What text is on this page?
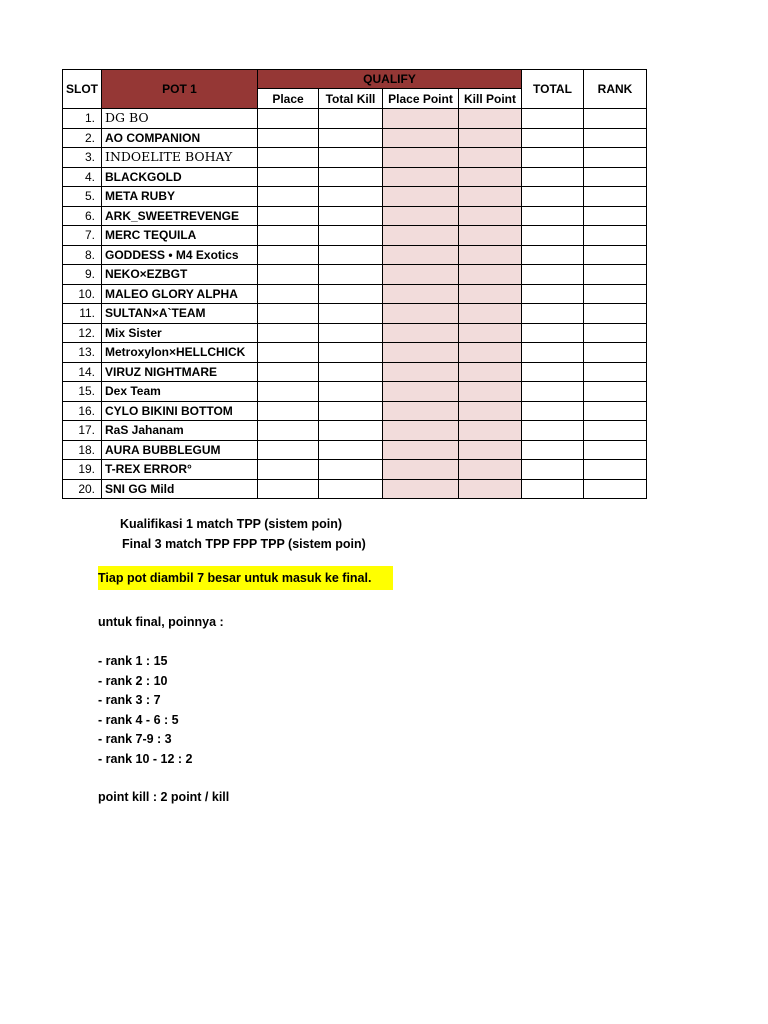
SLOT	POT 1	QUALIFY				TOTAL	RANK
		Place	Total Kill	Place Point	Kill Point		
1.	DG BO						
2.	AO COMPANION						
3.	INDOELITE BOHAY						
4.	BLACKGOLD						
5.	META RUBY						
6.	ARK_SWEETREVENGE						
7.	MERC TEQUILA						
8.	GODDESS • M4 Exotics						
9.	NEKO×EZBGT						
10.	MALEO GLORY ALPHA						
11.	SULTAN×A`TEAM						
12.	Mix Sister						
13.	Metroxylon×HELLCHICK						
14.	VIRUZ NIGHTMARE						
15.	Dex Team						
16.	CYLO BIKINI BOTTOM						
17.	RaS Jahanam						
18.	AURA BUBBLEGUM						
19.	T-REX ERROR°						
20.	SNI GG Mild						
Kualifikasi 1 match TPP (sistem poin)
Final 3 match TPP FPP TPP (sistem poin)
Tiap pot diambil 7 besar untuk masuk ke final.
untuk final, poinnya :
- rank 1 : 15
- rank 2 : 10
- rank 3 : 7
- rank 4 - 6 : 5
- rank 7-9 : 3
- rank 10 - 12 : 2
point kill : 2 point / kill
